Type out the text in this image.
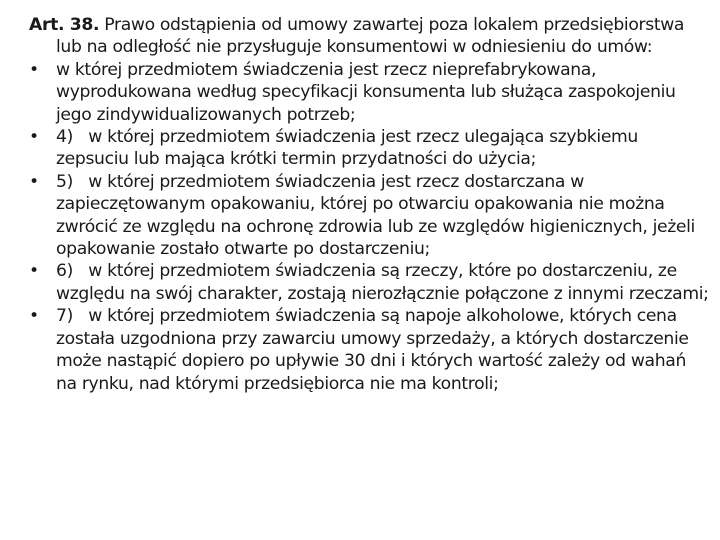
Art. 38. Prawo odstąpienia od umowy zawartej poza lokalem przedsiębiorstwa lub na odległość nie przysługuje konsumentowi w odniesieniu do umów:

•	w której przedmiotem świadczenia jest rzecz nieprefabrykowana, wyprodukowana według specyfikacji konsumenta lub służąca zaspokojeniu jego zindywidualizowanych potrzeb;
•	4)   w której przedmiotem świadczenia jest rzecz ulegająca szybkiemu zepsuciu lub mająca krótki termin przydatności do użycia;
•	5)   w której przedmiotem świadczenia jest rzecz dostarczana w zapieczętowanym opakowaniu, której po otwarciu opakowania nie można zwrócić ze względu na ochronę zdrowia lub ze względów higienicznych, jeżeli opakowanie zostało otwarte po dostarczeniu;
•	6)   w której przedmiotem świadczenia są rzeczy, które po dostarczeniu, ze względu na swój charakter, zostają nierozłącznie połączone z innymi rzeczami;
•	7)   w której przedmiotem świadczenia są napoje alkoholowe, których cena została uzgodniona przy zawarciu umowy sprzedaży, a których dostarczenie może nastąpić dopiero po upływie 30 dni i których wartość zależy od wahań na rynku, nad którymi przedsiębiorca nie ma kontroli;
